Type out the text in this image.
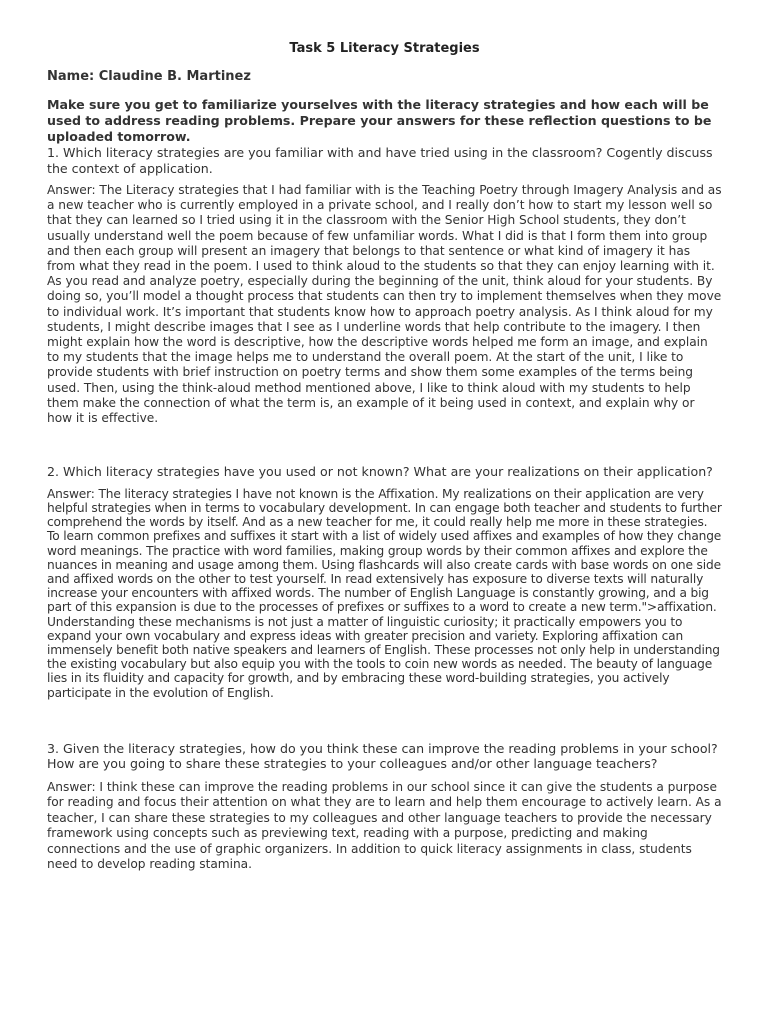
Task 5 Literacy Strategies

Name: Claudine B. Martinez

Make sure you get to familiarize yourselves with the literacy strategies and how each will be used to address reading problems. Prepare your answers for these reflection questions to be uploaded tomorrow.

1. Which literacy strategies are you familiar with and have tried using in the classroom? Cogently discuss the context of application.

Answer: The Literacy strategies that I had familiar with is the Teaching Poetry through Imagery Analysis and as a new teacher who is currently employed in a private school, and I really don’t how to start my lesson well so that they can learned so I tried using it in the classroom with the Senior High School students, they don’t usually understand well the poem because of few unfamiliar words. What I did is that I form them into group and then each group will present an imagery that belongs to that sentence or what kind of imagery it has from what they read in the poem. I used to think aloud to the students so that they can enjoy learning with it. As you read and analyze poetry, especially during the beginning of the unit, think aloud for your students. By doing so, you’ll model a thought process that students can then try to implement themselves when they move to individual work. It’s important that students know how to approach poetry analysis. As I think aloud for my students, I might describe images that I see as I underline words that help contribute to the imagery. I then might explain how the word is descriptive, how the descriptive words helped me form an image, and explain to my students that the image helps me to understand the overall poem. At the start of the unit, I like to provide students with brief instruction on poetry terms and show them some examples of the terms being used. Then, using the think-aloud method mentioned above, I like to think aloud with my students to help them make the connection of what the term is, an example of it being used in context, and explain why or how it is effective.

2. Which literacy strategies have you used or not known? What are your realizations on their application?

Answer: The literacy strategies I have not known is the Affixation. My realizations on their application are very helpful strategies when in terms to vocabulary development. In can engage both teacher and students to further comprehend the words by itself. And as a new teacher for me, it could really help me more in these strategies. To learn common prefixes and suffixes it start with a list of widely used affixes and examples of how they change word meanings. The practice with word families, making group words by their common affixes and explore the nuances in meaning and usage among them. Using flashcards will also create cards with base words on one side and affixed words on the other to test yourself. In read extensively has exposure to diverse texts will naturally increase your encounters with affixed words. The number of English Language is constantly growing, and a big part of this expansion is due to the processes of prefixes or suffixes to a word to create a new term.">affixation. Understanding these mechanisms is not just a matter of linguistic curiosity; it practically empowers you to expand your own vocabulary and express ideas with greater precision and variety. Exploring affixation can immensely benefit both native speakers and learners of English. These processes not only help in understanding the existing vocabulary but also equip you with the tools to coin new words as needed. The beauty of language lies in its fluidity and capacity for growth, and by embracing these word-building strategies, you actively participate in the evolution of English.

3. Given the literacy strategies, how do you think these can improve the reading problems in your school? How are you going to share these strategies to your colleagues and/or other language teachers?

Answer: I think these can improve the reading problems in our school since it can give the students a purpose for reading and focus their attention on what they are to learn and help them encourage to actively learn. As a teacher, I can share these strategies to my colleagues and other language teachers to provide the necessary framework using concepts such as previewing text, reading with a purpose, predicting and making connections and the use of graphic organizers. In addition to quick literacy assignments in class, students need to develop reading stamina.
